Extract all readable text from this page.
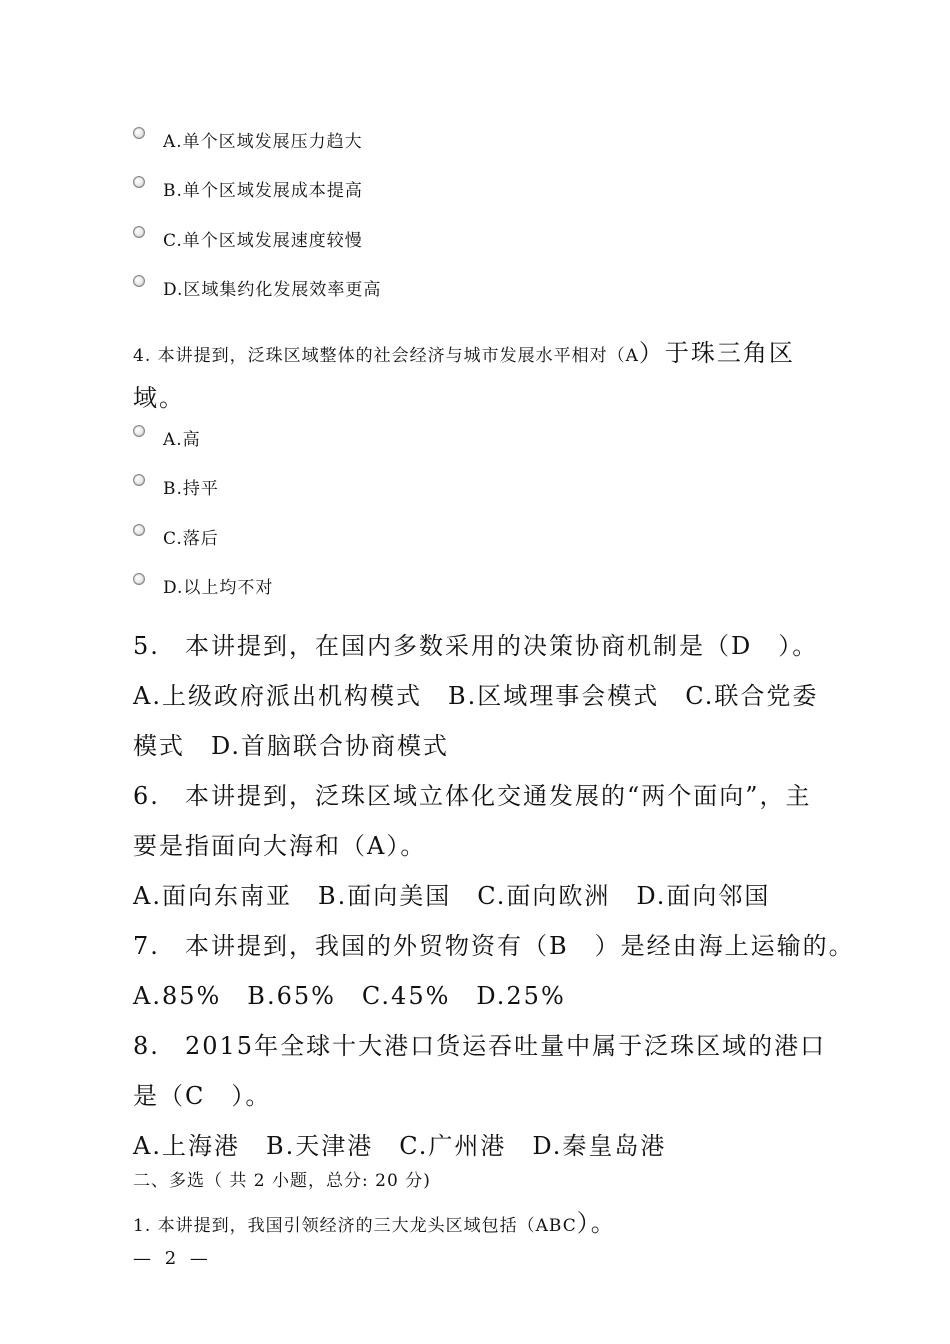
A.单个区域发展压力趋大
B.单个区域发展成本提高
C.单个区域发展速度较慢
D.区域集约化发展效率更高
4. 本讲提到，泛珠区域整体的社会经济与城市发展水平相对（A）于珠三角区
域。
A.高
B.持平
C.落后
D.以上均不对
5. 本讲提到，在国内多数采用的决策协商机制是（D　）。
A.上级政府派出机构模式　B.区域理事会模式　C.联合党委
模式　D.首脑联合协商模式
6. 本讲提到，泛珠区域立体化交通发展的“两个面向”，主
要是指面向大海和（A）。
A.面向东南亚　B.面向美国　C.面向欧洲　D.面向邻国
7. 本讲提到，我国的外贸物资有（B　）是经由海上运输的。
A.85%　B.65%　C.45%　D.25%
8. 2015年全球十大港口货运吞吐量中属于泛珠区域的港口
是（C　）。
A.上海港　B.天津港　C.广州港　D.秦皇岛港
二、多选（ 共 2 小题，总分: 20 分)
1. 本讲提到，我国引领经济的三大龙头区域包括（ABC）。
— 2 —
